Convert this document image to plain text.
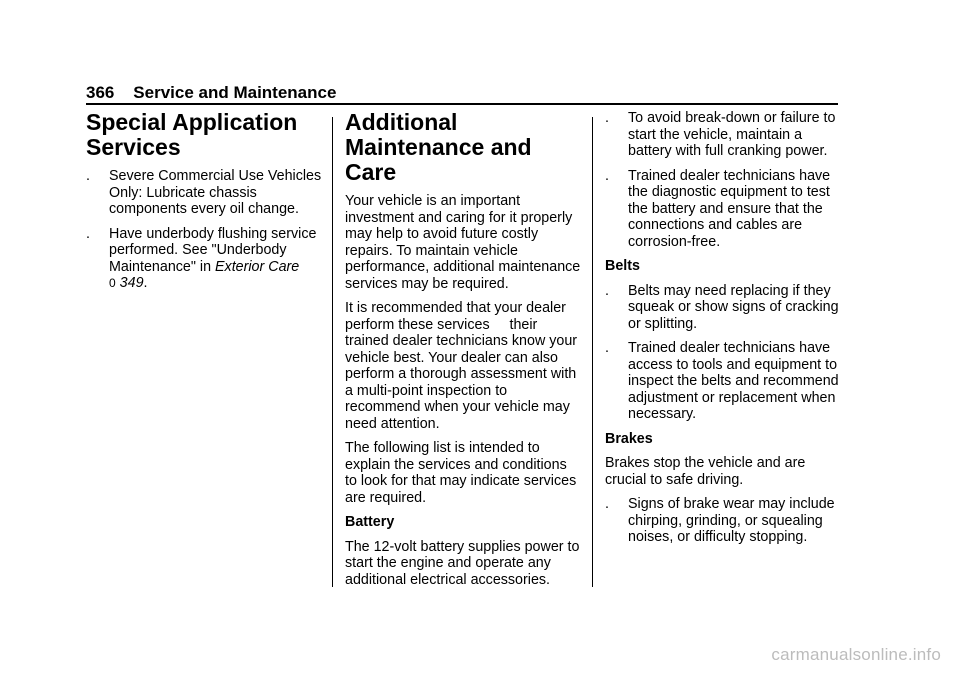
366 Service and Maintenance
Special Application
Services
. Severe Commercial Use Vehicles Only: Lubricate chassis components every oil change.
. Have underbody flushing service performed. See "Underbody Maintenance" in Exterior Care
0 349.
Additional
Maintenance and Care

Your vehicle is an important investment and caring for it properly may help to avoid future costly repairs. To maintain vehicle performance, additional maintenance services may be required.

It is recommended that your dealer perform these services     their trained dealer technicians know your vehicle best. Your dealer can also perform a thorough assessment with a multi-point inspection to recommend when your vehicle may need attention.

The following list is intended to explain the services and conditions to look for that may indicate services are required.

Battery

The 12-volt battery supplies power to start the engine and operate any additional electrical accessories.

. To avoid break-down or failure to start the vehicle, maintain a battery with full cranking power.
. Trained dealer technicians have the diagnostic equipment to test the battery and ensure that the connections and cables are corrosion-free.
Belts
. Belts may need replacing if they squeak or show signs of cracking or splitting.
. Trained dealer technicians have access to tools and equipment to inspect the belts and recommend adjustment or replacement when necessary.
Brakes

Brakes stop the vehicle and are crucial to safe driving.

. Signs of brake wear may include chirping, grinding, or squealing noises, or difficulty stopping.
carmanualsonline.info
